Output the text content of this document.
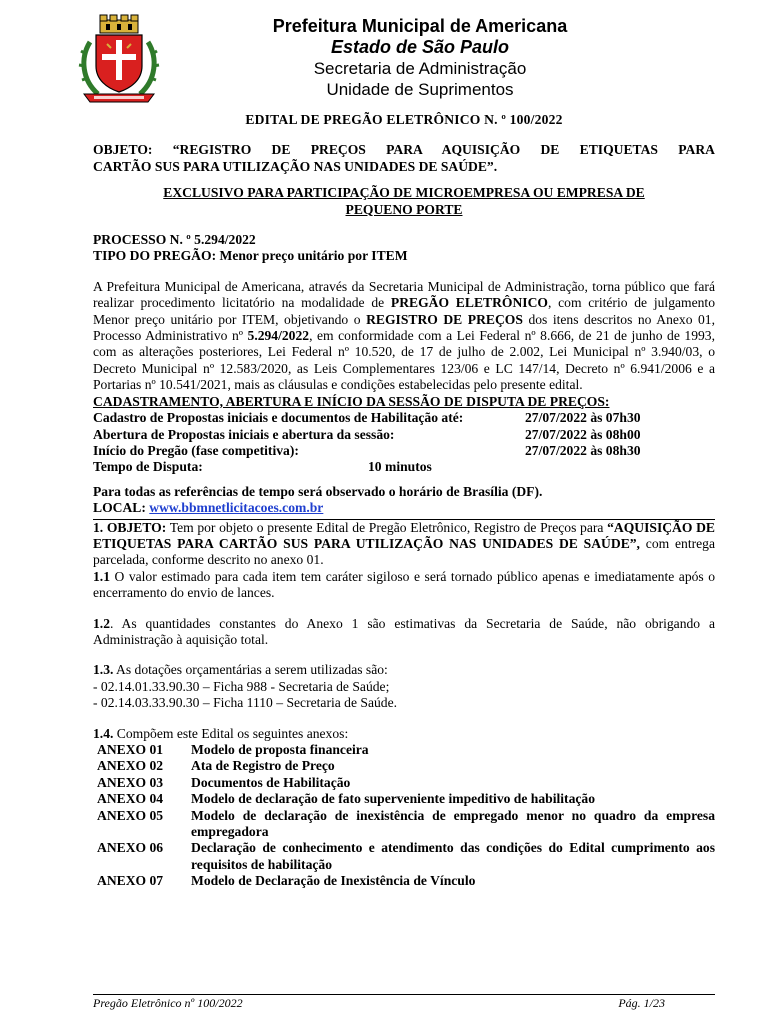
Prefeitura Municipal de Americana
Estado de São Paulo
Secretaria de Administração
Unidade de Suprimentos

EDITAL DE PREGÃO ELETRÔNICO N. º 100/2022

OBJETO: “REGISTRO DE PREÇOS PARA AQUISIÇÃO DE ETIQUETAS PARA

CARTÃO SUS PARA UTILIZAÇÃO NAS UNIDADES DE SAÚDE”.

EXCLUSIVO PARA PARTICIPAÇÃO DE MICROEMPRESA OU EMPRESA DE

PEQUENO PORTE

PROCESSO N. º 5.294/2022

TIPO DO PREGÃO: Menor preço unitário por ITEM

A Prefeitura Municipal de Americana, através da Secretaria Municipal de Administração, torna público que fará realizar procedimento licitatório na modalidade de PREGÃO ELETRÔNICO, com critério de julgamento Menor preço unitário por ITEM, objetivando o REGISTRO DE PREÇOS dos itens descritos no Anexo 01, Processo Administrativo nº 5.294/2022, em conformidade com a Lei Federal nº 8.666, de 21 de junho de 1993, com as alterações posteriores, Lei Federal nº 10.520, de 17 de julho de 2.002, Lei Municipal nº 3.940/03, o Decreto Municipal nº 12.583/2020, as Leis Complementares 123/06 e LC 147/14, Decreto nº 6.941/2006 e a Portarias nº 10.541/2021, mais as cláusulas e condições estabelecidas pelo presente edital.

CADASTRAMENTO, ABERTURA E INÍCIO DA SESSÃO DE DISPUTA DE PREÇOS:

Cadastro de Propostas iniciais e documentos de Habilitação até:	27/07/2022 às 07h30
Abertura de Propostas iniciais e abertura da sessão:	27/07/2022 às 08h00
Início do Pregão (fase competitiva):	27/07/2022 às 08h30
Tempo de Disputa:	10 minutos

Para todas as referências de tempo será observado o horário de Brasília (DF).

LOCAL: www.bbmnetlicitacoes.com.br

1. OBJETO: Tem por objeto o presente Edital de Pregão Eletrônico, Registro de Preços para “AQUISIÇÃO DE ETIQUETAS PARA CARTÃO SUS PARA UTILIZAÇÃO NAS UNIDADES DE SAÚDE”, com entrega parcelada, conforme descrito no anexo 01.

1.1 O valor estimado para cada item tem caráter sigiloso e será tornado público apenas e imediatamente após o encerramento do envio de lances.

1.2. As quantidades constantes do Anexo 1 são estimativas da Secretaria de Saúde, não obrigando a Administração à aquisição total.

1.3. As dotações orçamentárias a serem utilizadas são:

- 02.14.01.33.90.30 – Ficha 988 - Secretaria de Saúde;

- 02.14.03.33.90.30 – Ficha 1110 – Secretaria de Saúde.

1.4. Compõem este Edital os seguintes anexos:

ANEXO 01	Modelo de proposta financeira
ANEXO 02	Ata de Registro de Preço
ANEXO 03	Documentos de Habilitação
ANEXO 04	Modelo de declaração de fato superveniente impeditivo de habilitação
ANEXO 05	Modelo de declaração de inexistência de empregado menor no quadro da empresa empregadora
ANEXO 06	Declaração de conhecimento e atendimento das condições do Edital cumprimento aos requisitos de habilitação
ANEXO 07	Modelo de Declaração de Inexistência de Vínculo
Pregão Eletrônico nº 100/2022	Pág. 1/23
